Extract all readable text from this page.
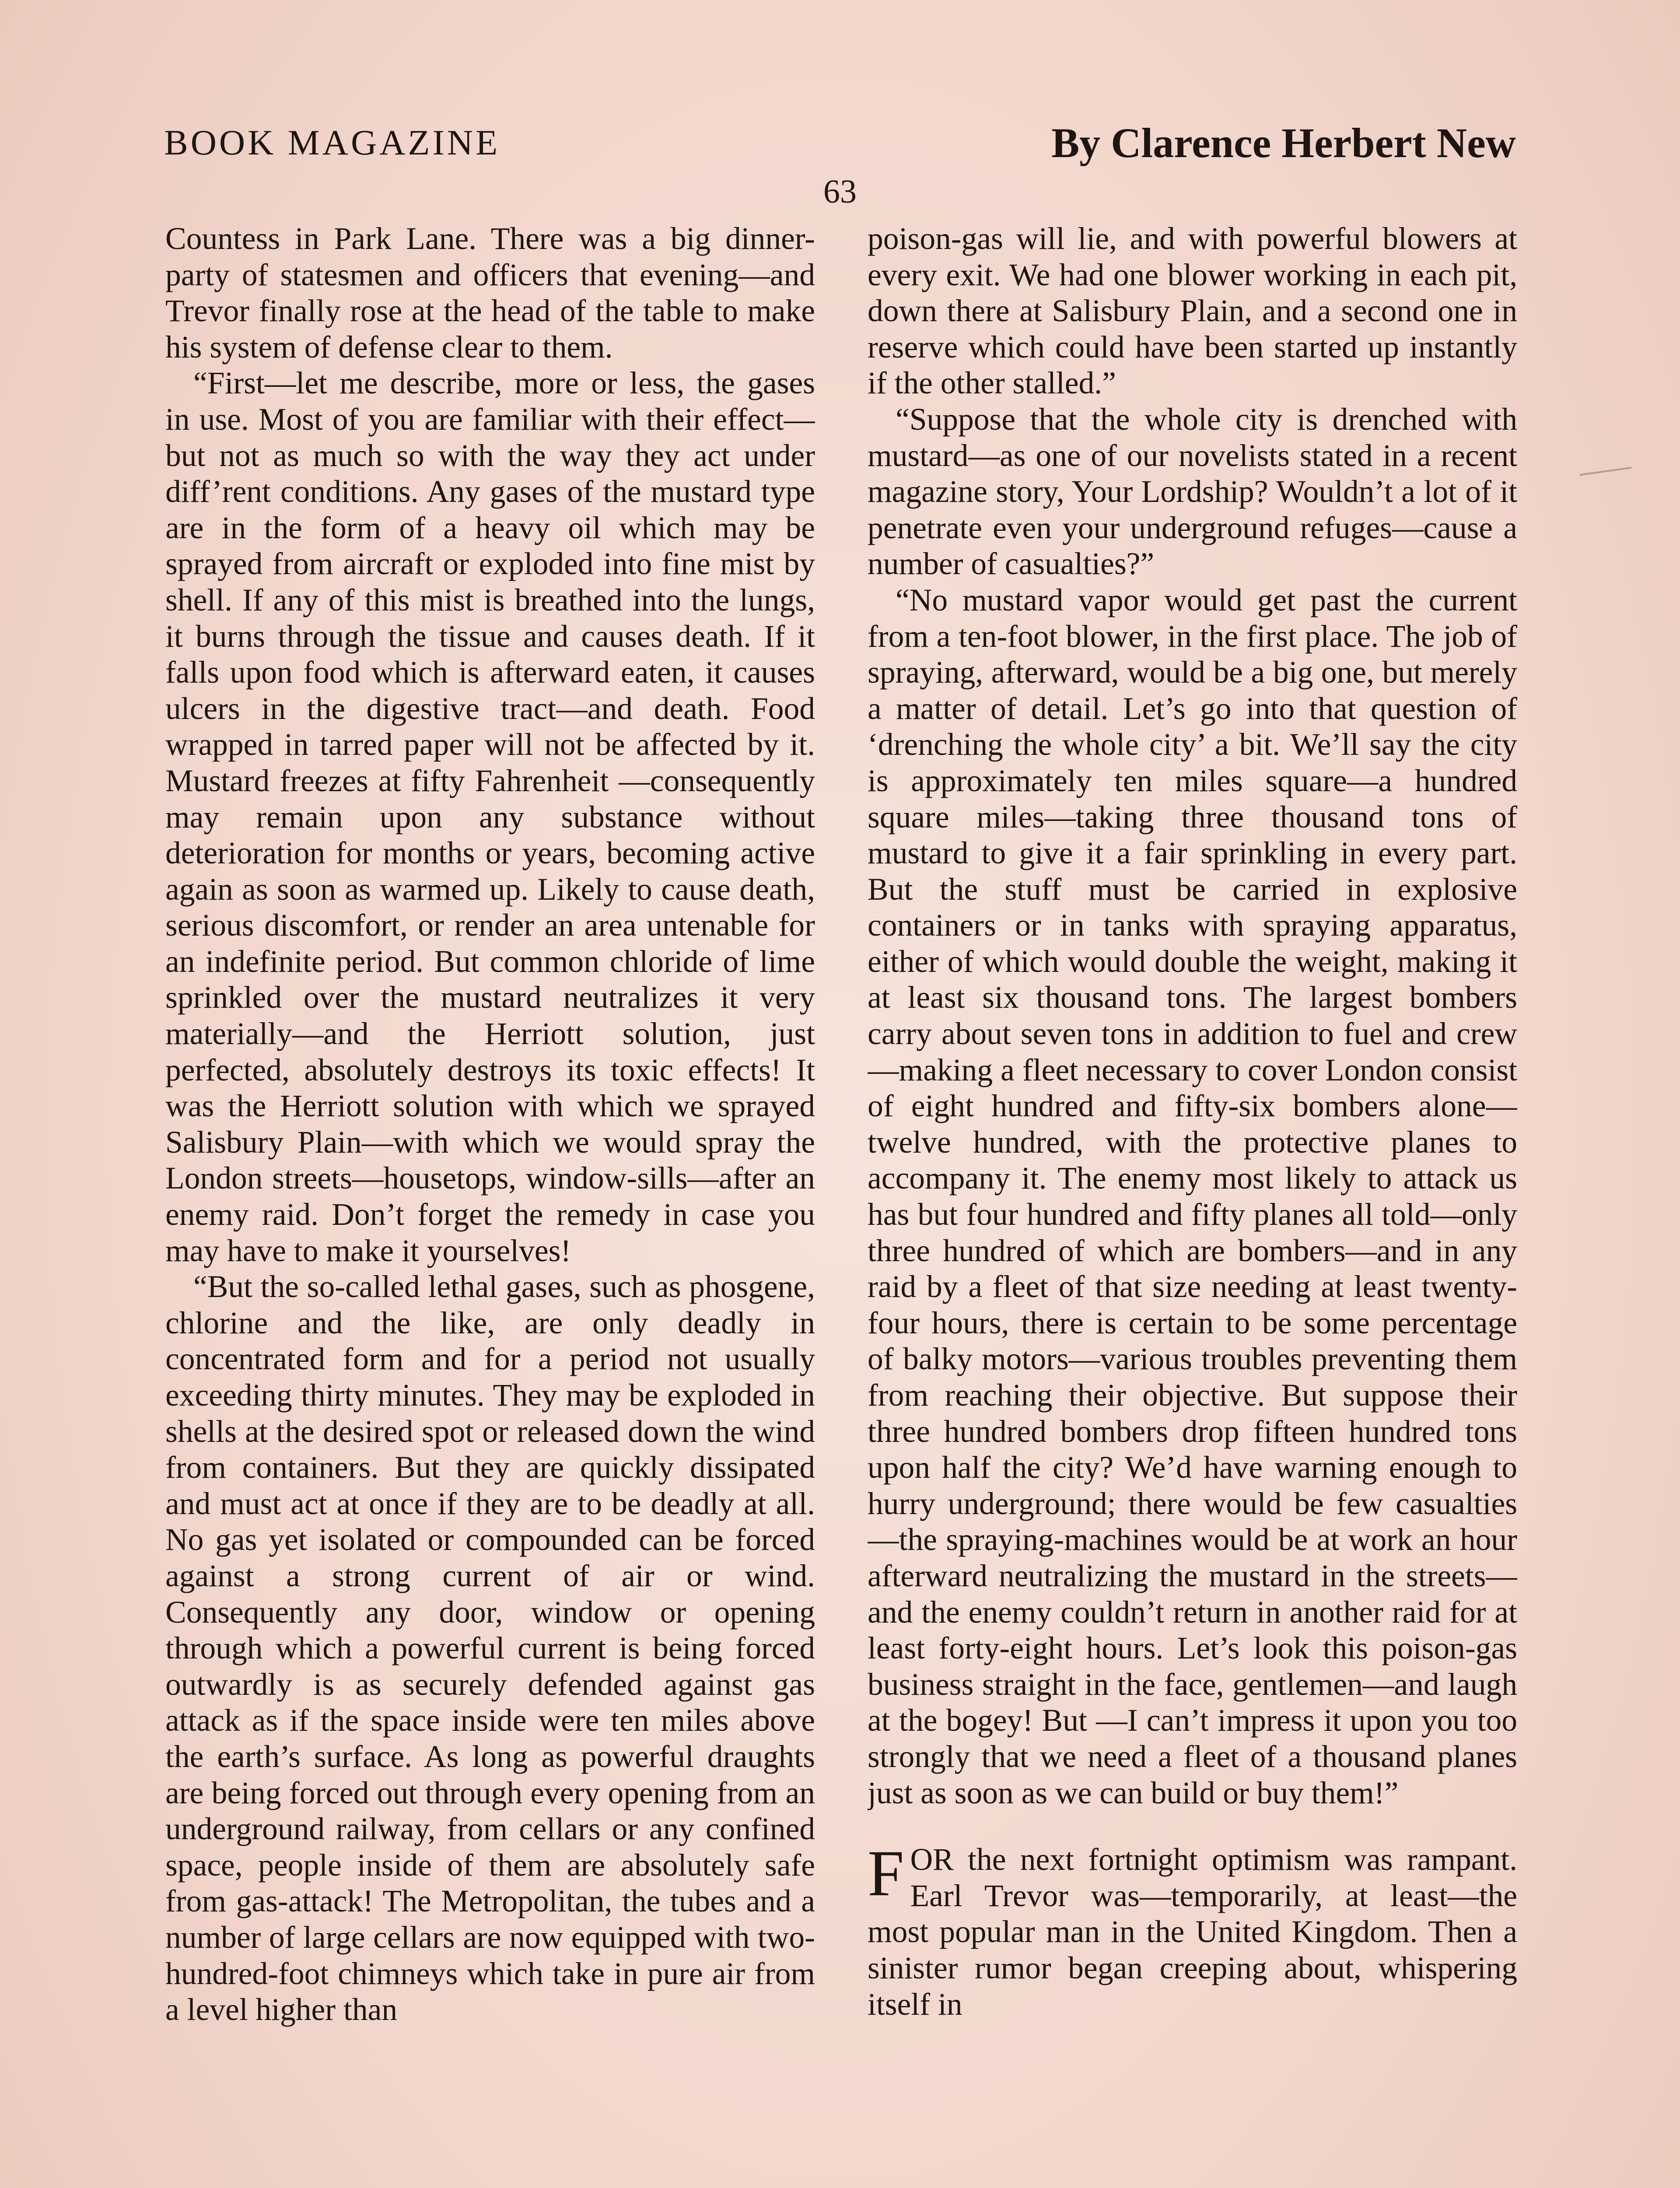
BOOK MAGAZINE	By Clarence Herbert New
63

Countess in Park Lane. There was a big dinner-party of statesmen and officers that evening—and Trevor finally rose at the head of the table to make his system of defense clear to them.

“First—let me describe, more or less, the gases in use. Most of you are familiar with their effect—but not as much so with the way they act under diff’rent conditions. Any gases of the mustard type are in the form of a heavy oil which may be sprayed from aircraft or exploded into fine mist by shell. If any of this mist is breathed into the lungs, it burns through the tissue and causes death. If it falls upon food which is afterward eaten, it causes ulcers in the digestive tract—and death. Food wrapped in tarred paper will not be affected by it. Mustard freezes at fifty Fahrenheit —consequently may remain upon any substance without deterioration for months or years, becoming active again as soon as warmed up. Likely to cause death, serious discomfort, or render an area untenable for an indefinite period. But common chloride of lime sprinkled over the mustard neutralizes it very materially—and the Herriott solution, just perfected, absolutely destroys its toxic effects! It was the Herriott solution with which we sprayed Salisbury Plain—with which we would spray the London streets—housetops, window-sills—after an enemy raid. Don’t forget the remedy in case you may have to make it yourselves!

“But the so-called lethal gases, such as phosgene, chlorine and the like, are only deadly in concentrated form and for a period not usually exceeding thirty minutes. They may be exploded in shells at the desired spot or released down the wind from containers. But they are quickly dissipated and must act at once if they are to be deadly at all. No gas yet isolated or compounded can be forced against a strong current of air or wind. Consequently any door, window or opening through which a powerful current is being forced outwardly is as securely defended against gas attack as if the space inside were ten miles above the earth’s surface. As long as powerful draughts are being forced out through every opening from an underground railway, from cellars or any confined space, people inside of them are absolutely safe from gas-attack! The Metropolitan, the tubes and a number of large cellars are now equipped with two-hundred-foot chimneys which take in pure air from a level higher than

poison-gas will lie, and with powerful blowers at every exit. We had one blower working in each pit, down there at Salisbury Plain, and a second one in reserve which could have been started up instantly if the other stalled.”

“Suppose that the whole city is drenched with mustard—as one of our novelists stated in a recent magazine story, Your Lordship? Wouldn’t a lot of it penetrate even your underground refuges—cause a number of casualties?”

“No mustard vapor would get past the current from a ten-foot blower, in the first place. The job of spraying, afterward, would be a big one, but merely a matter of detail. Let’s go into that question of ‘drenching the whole city’ a bit. We’ll say the city is approximately ten miles square—a hundred square miles—taking three thousand tons of mustard to give it a fair sprinkling in every part. But the stuff must be carried in explosive containers or in tanks with spraying apparatus, either of which would double the weight, making it at least six thousand tons. The largest bombers carry about seven tons in addition to fuel and crew—making a fleet necessary to cover London consist of eight hundred and fifty-six bombers alone—twelve hundred, with the protective planes to accompany it. The enemy most likely to attack us has but four hundred and fifty planes all told—only three hundred of which are bombers—and in any raid by a fleet of that size needing at least twenty-four hours, there is certain to be some percentage of balky motors—various troubles preventing them from reaching their objective. But suppose their three hundred bombers drop fifteen hundred tons upon half the city? We’d have warning enough to hurry underground; there would be few casualties—the spraying-machines would be at work an hour afterward neutralizing the mustard in the streets—and the enemy couldn’t return in another raid for at least forty-eight hours. Let’s look this poison-gas business straight in the face, gentlemen—and laugh at the bogey! But —I can’t impress it upon you too strongly that we need a fleet of a thousand planes just as soon as we can build or buy them!”

F OR the next fortnight optimism was rampant. Earl Trevor was—temporarily, at least—the most popular man in the United Kingdom. Then a sinister rumor began creeping about, whispering itself in
